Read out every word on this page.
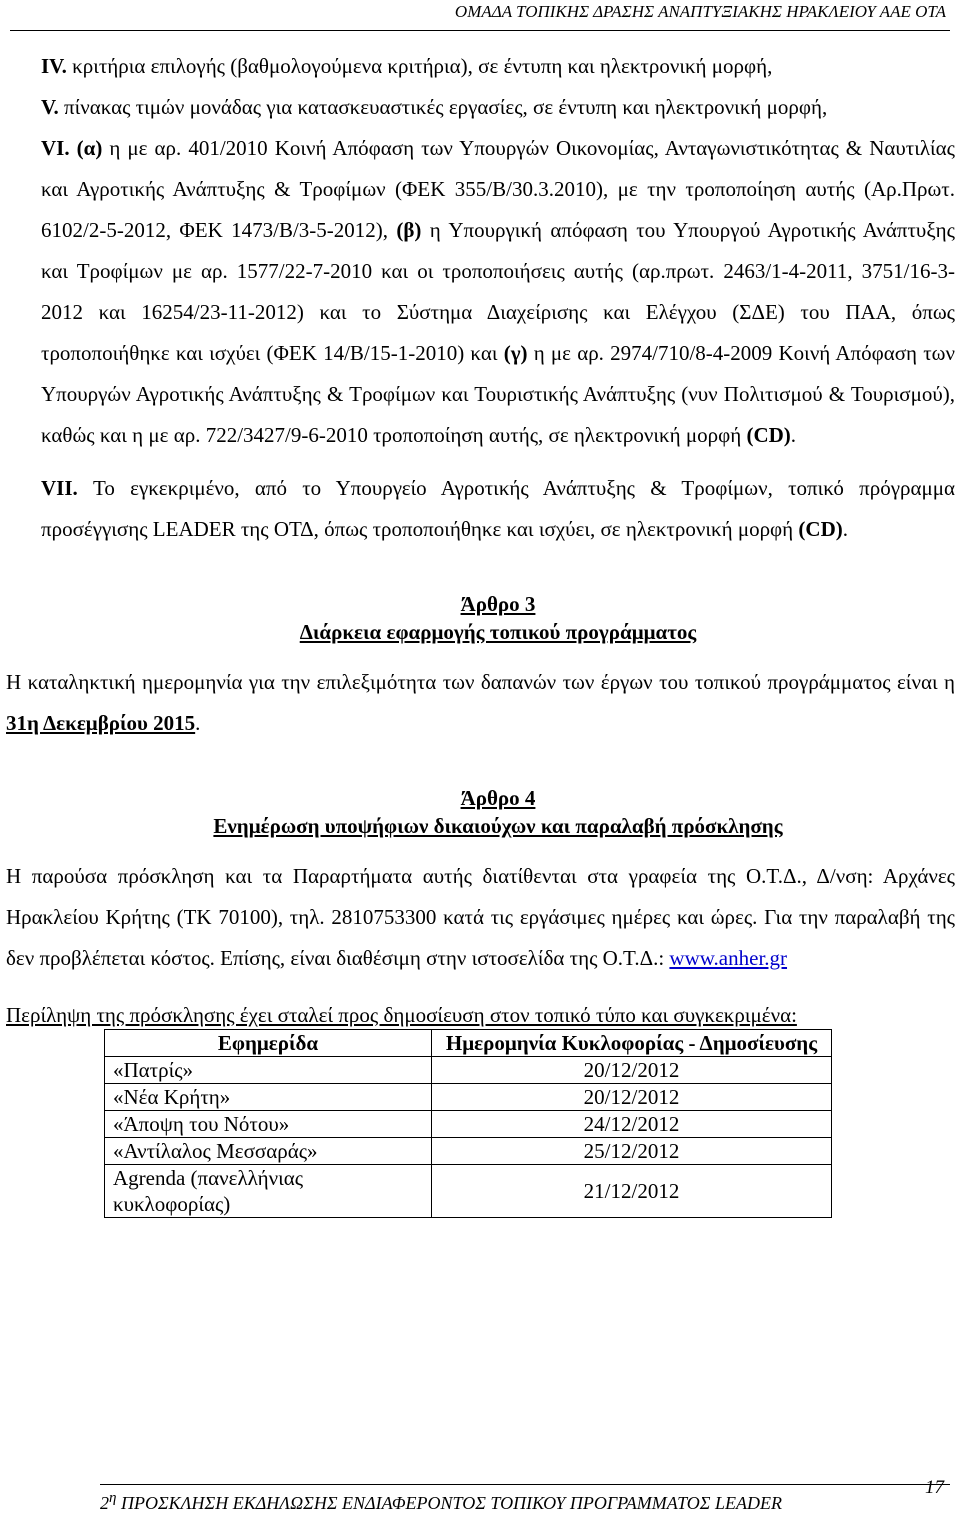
ΟΜΑΔΑ ΤΟΠΙΚΗΣ ΔΡΑΣΗΣ ΑΝΑΠΤΥΞΙΑΚΗΣ ΗΡΑΚΛΕΙΟΥ ΑΑΕ ΟΤΑ

IV. κριτήρια επιλογής (βαθμολογούμενα κριτήρια), σε έντυπη και ηλεκτρονική μορφή,

V. πίνακας τιμών μονάδας για κατασκευαστικές εργασίες, σε έντυπη και ηλεκτρονική μορφή,

VI. (α) η με αρ. 401/2010 Κοινή Απόφαση των Υπουργών Οικονομίας, Ανταγωνιστικότητας & Ναυτιλίας και Αγροτικής Ανάπτυξης & Τροφίμων (ΦΕΚ 355/Β/30.3.2010), με την τροποποίηση αυτής (Αρ.Πρωτ. 6102/2-5-2012, ΦΕΚ 1473/Β/3-5-2012), (β) η Υπουργική απόφαση του Υπουργού Αγροτικής Ανάπτυξης και Τροφίμων με αρ. 1577/22-7-2010 και οι τροποποιήσεις αυτής (αρ.πρωτ. 2463/1-4-2011, 3751/16-3-2012 και 16254/23-11-2012) και το Σύστημα Διαχείρισης και Ελέγχου (ΣΔΕ) του ΠΑΑ, όπως τροποποιήθηκε και ισχύει (ΦΕΚ 14/Β/15-1-2010) και (γ) η με αρ. 2974/710/8-4-2009 Κοινή Απόφαση των Υπουργών Αγροτικής Ανάπτυξης & Τροφίμων και Τουριστικής Ανάπτυξης (νυν Πολιτισμού & Τουρισμού), καθώς και η με αρ. 722/3427/9-6-2010 τροποποίηση αυτής, σε ηλεκτρονική μορφή (CD).

VII. Το εγκεκριμένο, από το Υπουργείο Αγροτικής Ανάπτυξης & Τροφίμων, τοπικό πρόγραμμα προσέγγισης LEADER της ΟΤΔ, όπως τροποποιήθηκε και ισχύει, σε ηλεκτρονική μορφή (CD).

Άρθρο 3
Διάρκεια εφαρμογής τοπικού προγράμματος

Η καταληκτική ημερομηνία για την επιλεξιμότητα των δαπανών των έργων του τοπικού προγράμματος είναι η 31η Δεκεμβρίου 2015.

Άρθρο 4
Ενημέρωση υποψήφιων δικαιούχων και παραλαβή πρόσκλησης

Η παρούσα πρόσκληση και τα Παραρτήματα αυτής διατίθενται στα γραφεία της Ο.Τ.Δ., Δ/νση: Αρχάνες Ηρακλείου Κρήτης (ΤΚ 70100), τηλ. 2810753300 κατά τις εργάσιμες ημέρες και ώρες. Για την παραλαβή της δεν προβλέπεται κόστος. Επίσης, είναι διαθέσιμη στην ιστοσελίδα της Ο.Τ.Δ.: www.anher.gr

Περίληψη της πρόσκλησης έχει σταλεί προς δημοσίευση στον τοπικό τύπο και συγκεκριμένα:

Εφημερίδα	Ημερομηνία Κυκλοφορίας - Δημοσίευσης
«Πατρίς»	20/12/2012
«Νέα Κρήτη»	20/12/2012
«Άποψη του Νότου»	24/12/2012
«Αντίλαλος Μεσσαράς»	25/12/2012
Agrenda (πανελλήνιας κυκλοφορίας)	21/12/2012
$2^\eta$ ΠΡΟΣΚΛΗΣΗ ΕΚΔΗΛΩΣΗΣ ΕΝΔΙΑΦΕΡΟΝΤΟΣ ΤΟΠΙΚΟΥ ΠΡΟΓΡΑΜΜΑΤΟΣ LEADER
17
